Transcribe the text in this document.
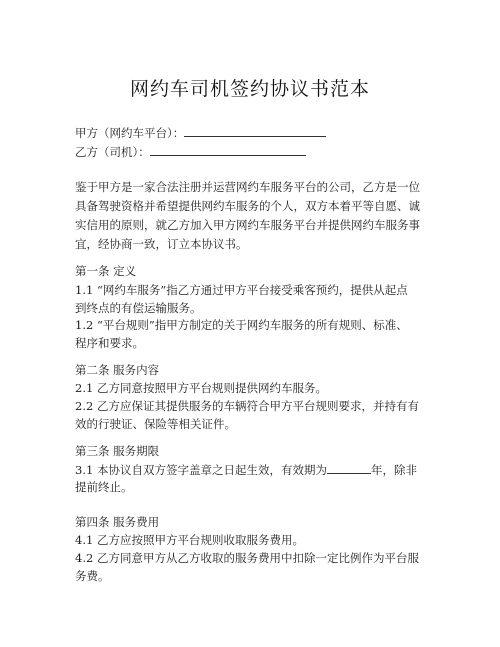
网约车司机签约协议书范本
甲方（网约车平台）：
乙方（司机）：
鉴于甲方是一家合法注册并运营网约车服务平台的公司，乙方是一位
具备驾驶资格并希望提供网约车服务的个人，双方本着平等自愿、诚
实信用的原则，就乙方加入甲方网约车服务平台并提供网约车服务事
宜，经协商一致，订立本协议书。
第一条 定义
1.1 “网约车服务”指乙方通过甲方平台接受乘客预约，提供从起点
到终点的有偿运输服务。
1.2 “平台规则”指甲方制定的关于网约车服务的所有规则、标准、
程序和要求。
第二条 服务内容
2.1 乙方同意按照甲方平台规则提供网约车服务。
2.2 乙方应保证其提供服务的车辆符合甲方平台规则要求，并持有有
效的行驶证、保险等相关证件。
第三条 服务期限
3.1 本协议自双方签字盖章之日起生效，有效期为	年，除非
提前终止。
第四条 服务费用
4.1 乙方应按照甲方平台规则收取服务费用。
4.2 乙方同意甲方从乙方收取的服务费用中扣除一定比例作为平台服
务费。
